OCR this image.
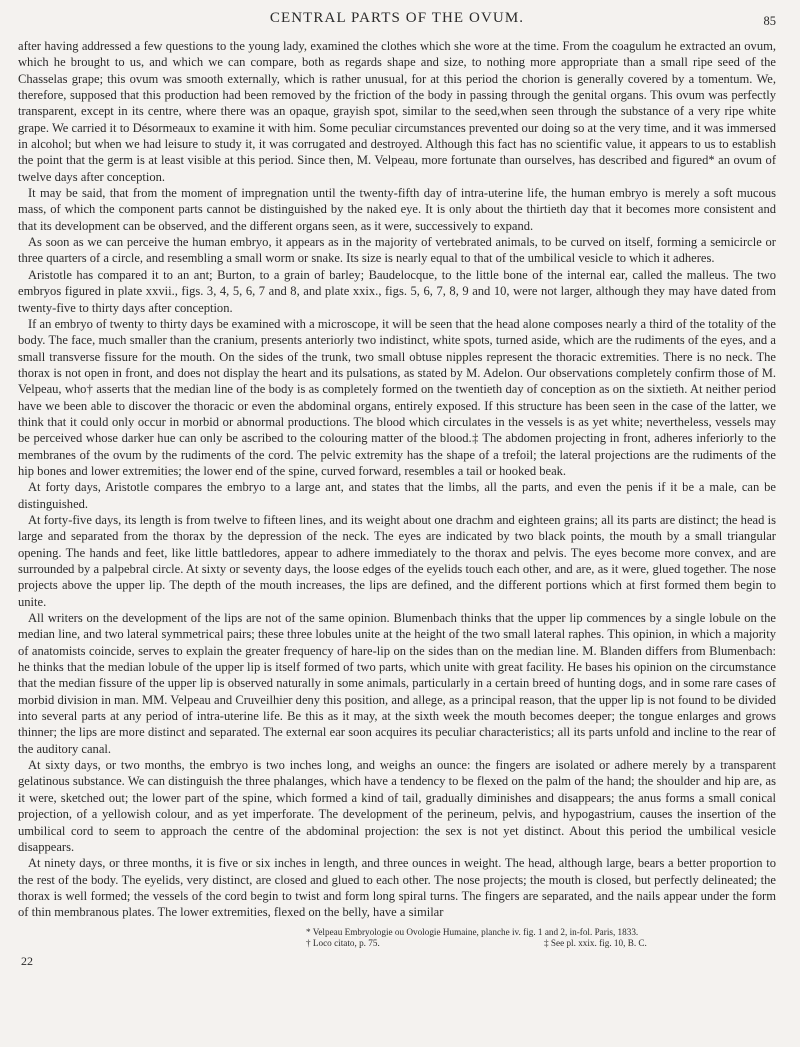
CENTRAL PARTS OF THE OVUM.	85

after having addressed a few questions to the young lady, examined the clothes which she wore at the time. From the coagulum he extracted an ovum, which he brought to us, and which we can compare, both as regards shape and size, to nothing more appropriate than a small ripe seed of the Chasselas grape; this ovum was smooth externally, which is rather unusual, for at this period the chorion is generally covered by a tomentum. We, therefore, supposed that this production had been removed by the friction of the body in passing through the genital organs. This ovum was perfectly transparent, except in its centre, where there was an opaque, grayish spot, similar to the seed,when seen through the substance of a very ripe white grape. We carried it to Désormeaux to examine it with him. Some peculiar circumstances prevented our doing so at the very time, and it was immersed in alcohol; but when we had leisure to study it, it was corrugated and destroyed. Although this fact has no scientific value, it appears to us to establish the point that the germ is at least visible at this period. Since then, M. Velpeau, more fortunate than ourselves, has described and figured* an ovum of twelve days after conception.

It may be said, that from the moment of impregnation until the twenty-fifth day of intra-uterine life, the human embryo is merely a soft mucous mass, of which the component parts cannot be distinguished by the naked eye. It is only about the thirtieth day that it becomes more consistent and that its development can be observed, and the different organs seen, as it were, successively to expand.

As soon as we can perceive the human embryo, it appears as in the majority of vertebrated animals, to be curved on itself, forming a semicircle or three quarters of a circle, and resembling a small worm or snake. Its size is nearly equal to that of the umbilical vesicle to which it adheres.

Aristotle has compared it to an ant; Burton, to a grain of barley; Baudelocque, to the little bone of the internal ear, called the malleus. The two embryos figured in plate xxvii., figs. 3, 4, 5, 6, 7 and 8, and plate xxix., figs. 5, 6, 7, 8, 9 and 10, were not larger, although they may have dated from twenty-five to thirty days after conception.

If an embryo of twenty to thirty days be examined with a microscope, it will be seen that the head alone composes nearly a third of the totality of the body. The face, much smaller than the cranium, presents anteriorly two indistinct, white spots, turned aside, which are the rudiments of the eyes, and a small transverse fissure for the mouth. On the sides of the trunk, two small obtuse nipples represent the thoracic extremities. There is no neck. The thorax is not open in front, and does not display the heart and its pulsations, as stated by M. Adelon. Our observations completely confirm those of M. Velpeau, who† asserts that the median line of the body is as completely formed on the twentieth day of conception as on the sixtieth. At neither period have we been able to discover the thoracic or even the abdominal organs, entirely exposed. If this structure has been seen in the case of the latter, we think that it could only occur in morbid or abnormal productions. The blood which circulates in the vessels is as yet white; nevertheless, vessels may be perceived whose darker hue can only be ascribed to the colouring matter of the blood.‡ The abdomen projecting in front, adheres inferiorly to the membranes of the ovum by the rudiments of the cord. The pelvic extremity has the shape of a trefoil; the lateral projections are the rudiments of the hip bones and lower extremities; the lower end of the spine, curved forward, resembles a tail or hooked beak.

At forty days, Aristotle compares the embryo to a large ant, and states that the limbs, all the parts, and even the penis if it be a male, can be distinguished.

At forty-five days, its length is from twelve to fifteen lines, and its weight about one drachm and eighteen grains; all its parts are distinct; the head is large and separated from the thorax by the depression of the neck. The eyes are indicated by two black points, the mouth by a small triangular opening. The hands and feet, like little battledores, appear to adhere immediately to the thorax and pelvis. The eyes become more convex, and are surrounded by a palpebral circle. At sixty or seventy days, the loose edges of the eyelids touch each other, and are, as it were, glued together. The nose projects above the upper lip. The depth of the mouth increases, the lips are defined, and the different portions which at first formed them begin to unite.

All writers on the development of the lips are not of the same opinion. Blumenbach thinks that the upper lip commences by a single lobule on the median line, and two lateral symmetrical pairs; these three lobules unite at the height of the two small lateral raphes. This opinion, in which a majority of anatomists coincide, serves to explain the greater frequency of hare-lip on the sides than on the median line. M. Blanden differs from Blumenbach: he thinks that the median lobule of the upper lip is itself formed of two parts, which unite with great facility. He bases his opinion on the circumstance that the median fissure of the upper lip is observed naturally in some animals, particularly in a certain breed of hunting dogs, and in some rare cases of morbid division in man. MM. Velpeau and Cruveilhier deny this position, and allege, as a principal reason, that the upper lip is not found to be divided into several parts at any period of intra-uterine life. Be this as it may, at the sixth week the mouth becomes deeper; the tongue enlarges and grows thinner; the lips are more distinct and separated. The external ear soon acquires its peculiar characteristics; all its parts unfold and incline to the rear of the auditory canal.

At sixty days, or two months, the embryo is two inches long, and weighs an ounce: the fingers are isolated or adhere merely by a transparent gelatinous substance. We can distinguish the three phalanges, which have a tendency to be flexed on the palm of the hand; the shoulder and hip are, as it were, sketched out; the lower part of the spine, which formed a kind of tail, gradually diminishes and disappears; the anus forms a small conical projection, of a yellowish colour, and as yet imperforate. The development of the perineum, pelvis, and hypogastrium, causes the insertion of the umbilical cord to seem to approach the centre of the abdominal projection: the sex is not yet distinct. About this period the umbilical vesicle disappears.

At ninety days, or three months, it is five or six inches in length, and three ounces in weight. The head, although large, bears a better proportion to the rest of the body. The eyelids, very distinct, are closed and glued to each other. The nose projects; the mouth is closed, but perfectly delineated; the thorax is well formed; the vessels of the cord begin to twist and form long spiral turns. The fingers are separated, and the nails appear under the form of thin membranous plates. The lower extremities, flexed on the belly, have a similar

* Velpeau Embryologie ou Ovologie Humaine, planche iv. fig. 1 and 2, in-fol. Paris, 1833.
† Loco citato, p. 75.	‡ See pl. xxix. fig. 10, B. C.
22
